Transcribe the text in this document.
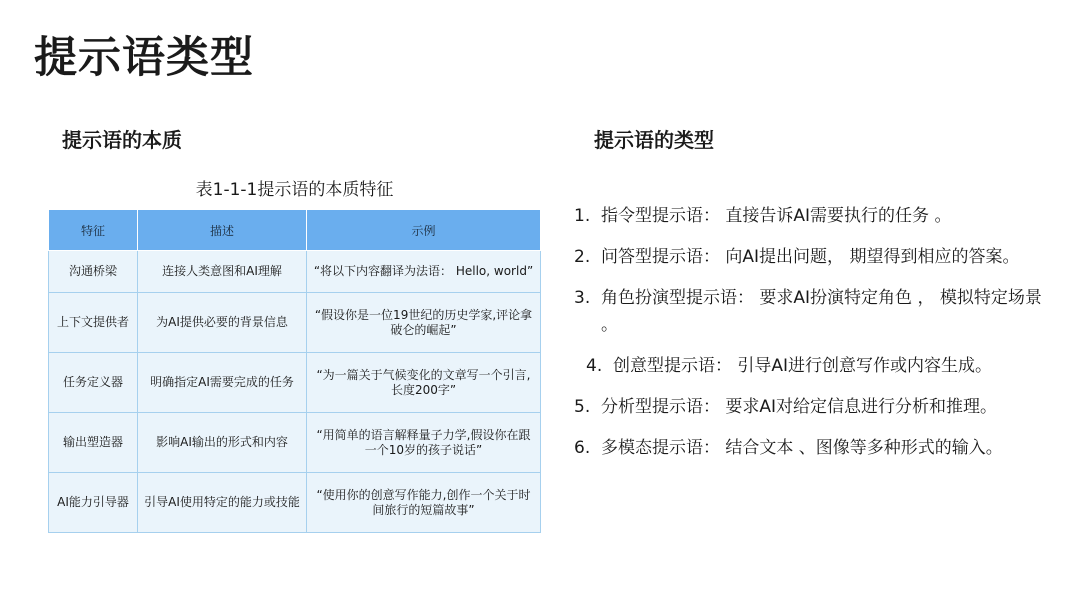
提示语类型
提示语的本质
表1-1-1提示语的本质特征
特征	描述	示例
沟通桥梁	连接人类意图和AI理解	“将以下内容翻译为法语： Hello, world”
上下文提供者	为AI提供必要的背景信息	“假设你是一位19世纪的历史学家,评论拿破仑的崛起”
任务定义器	明确指定AI需要完成的任务	“为一篇关于气候变化的文章写一个引言,长度200字”
输出塑造器	影响AI输出的形式和内容	“用简单的语言解释量子力学,假设你在跟一个10岁的孩子说话”
AI能力引导器	引导AI使用特定的能力或技能	“使用你的创意写作能力,创作一个关于时间旅行的短篇故事”
提示语的类型
1. 指令型提示语： 直接告诉AI需要执行的任务 。
2. 问答型提示语： 向AI提出问题， 期望得到相应的答案。
3. 角色扮演型提示语： 要求AI扮演特定角色 ， 模拟特定场景 。
4. 创意型提示语： 引导AI进行创意写作或内容生成。
5. 分析型提示语： 要求AI对给定信息进行分析和推理。
6. 多模态提示语： 结合文本 、图像等多种形式的输入。
